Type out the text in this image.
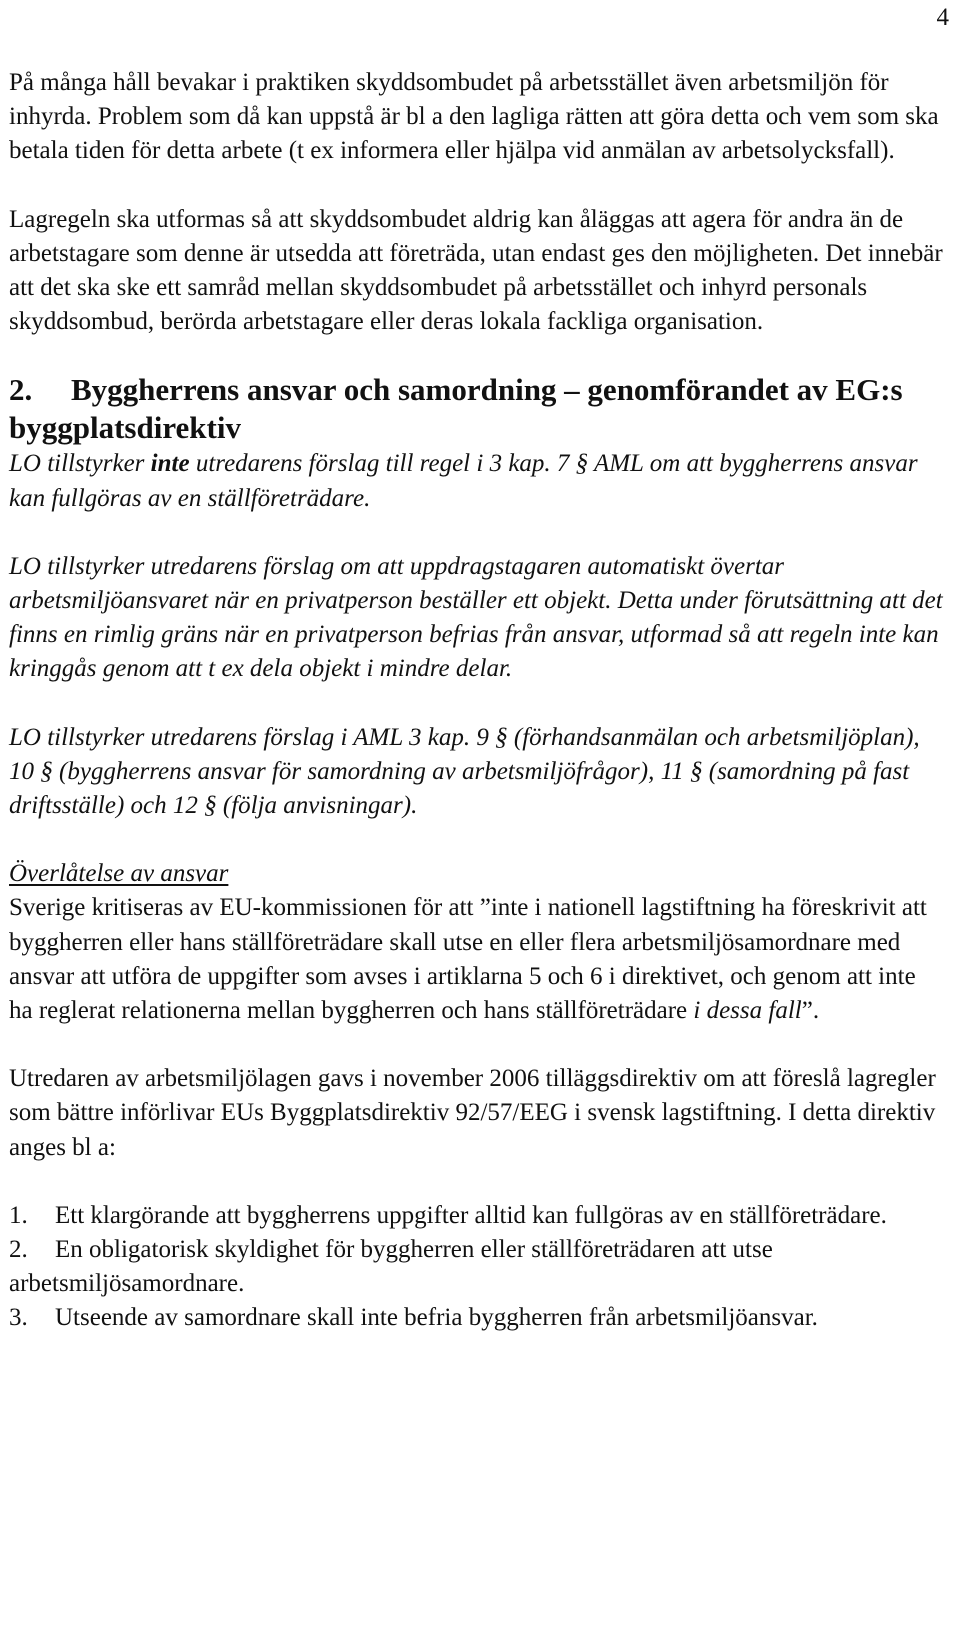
4

På många håll bevakar i praktiken skyddsombudet på arbetsstället även arbetsmiljön för inhyrda. Problem som då kan uppstå är bl a den lagliga rätten att göra detta och vem som ska betala tiden för detta arbete (t ex informera eller hjälpa vid anmälan av arbetsolycksfall).

Lagregeln ska utformas så att skyddsombudet aldrig kan åläggas att agera för andra än de arbetstagare som denne är utsedda att företräda, utan endast ges den möjligheten. Det innebär att det ska ske ett samråd mellan skyddsombudet på arbetsstället och inhyrd personals skyddsombud, berörda arbetstagare eller deras lokala fackliga organisation.

2. Byggherrens ansvar och samordning – genomförandet av EG:s byggplatsdirektiv

LO tillstyrker inte utredarens förslag till regel i 3 kap. 7 § AML om att byggherrens ansvar kan fullgöras av en ställföreträdare.

LO tillstyrker utredarens förslag om att uppdragstagaren automatiskt övertar arbetsmiljöansvaret när en privatperson beställer ett objekt. Detta under förutsättning att det finns en rimlig gräns när en privatperson befrias från ansvar, utformad så att regeln inte kan kringgås genom att t ex dela objekt i mindre delar.

LO tillstyrker utredarens förslag i AML 3 kap. 9 § (förhandsanmälan och arbetsmiljöplan), 10 § (byggherrens ansvar för samordning av arbetsmiljöfrågor), 11 § (samordning på fast driftsställe) och 12 § (följa anvisningar).

Överlåtelse av ansvar

Sverige kritiseras av EU-kommissionen för att ”inte i nationell lagstiftning ha föreskrivit att byggherren eller hans ställföreträdare skall utse en eller flera arbetsmiljösamordnare med ansvar att utföra de uppgifter som avses i artiklarna 5 och 6 i direktivet, och genom att inte ha reglerat relationerna mellan byggherren och hans ställföreträdare i dessa fall”.

Utredaren av arbetsmiljölagen gavs i november 2006 tilläggsdirektiv om att föreslå lagregler som bättre införlivar EUs Byggplatsdirektiv 92/57/EEG i svensk lagstiftning. I detta direktiv anges bl a:

1. Ett klargörande att byggherrens uppgifter alltid kan fullgöras av en ställföreträdare.

2. En obligatorisk skyldighet för byggherren eller ställföreträdaren att utse arbetsmiljösamordnare.

3. Utseende av samordnare skall inte befria byggherren från arbetsmiljöansvar.
